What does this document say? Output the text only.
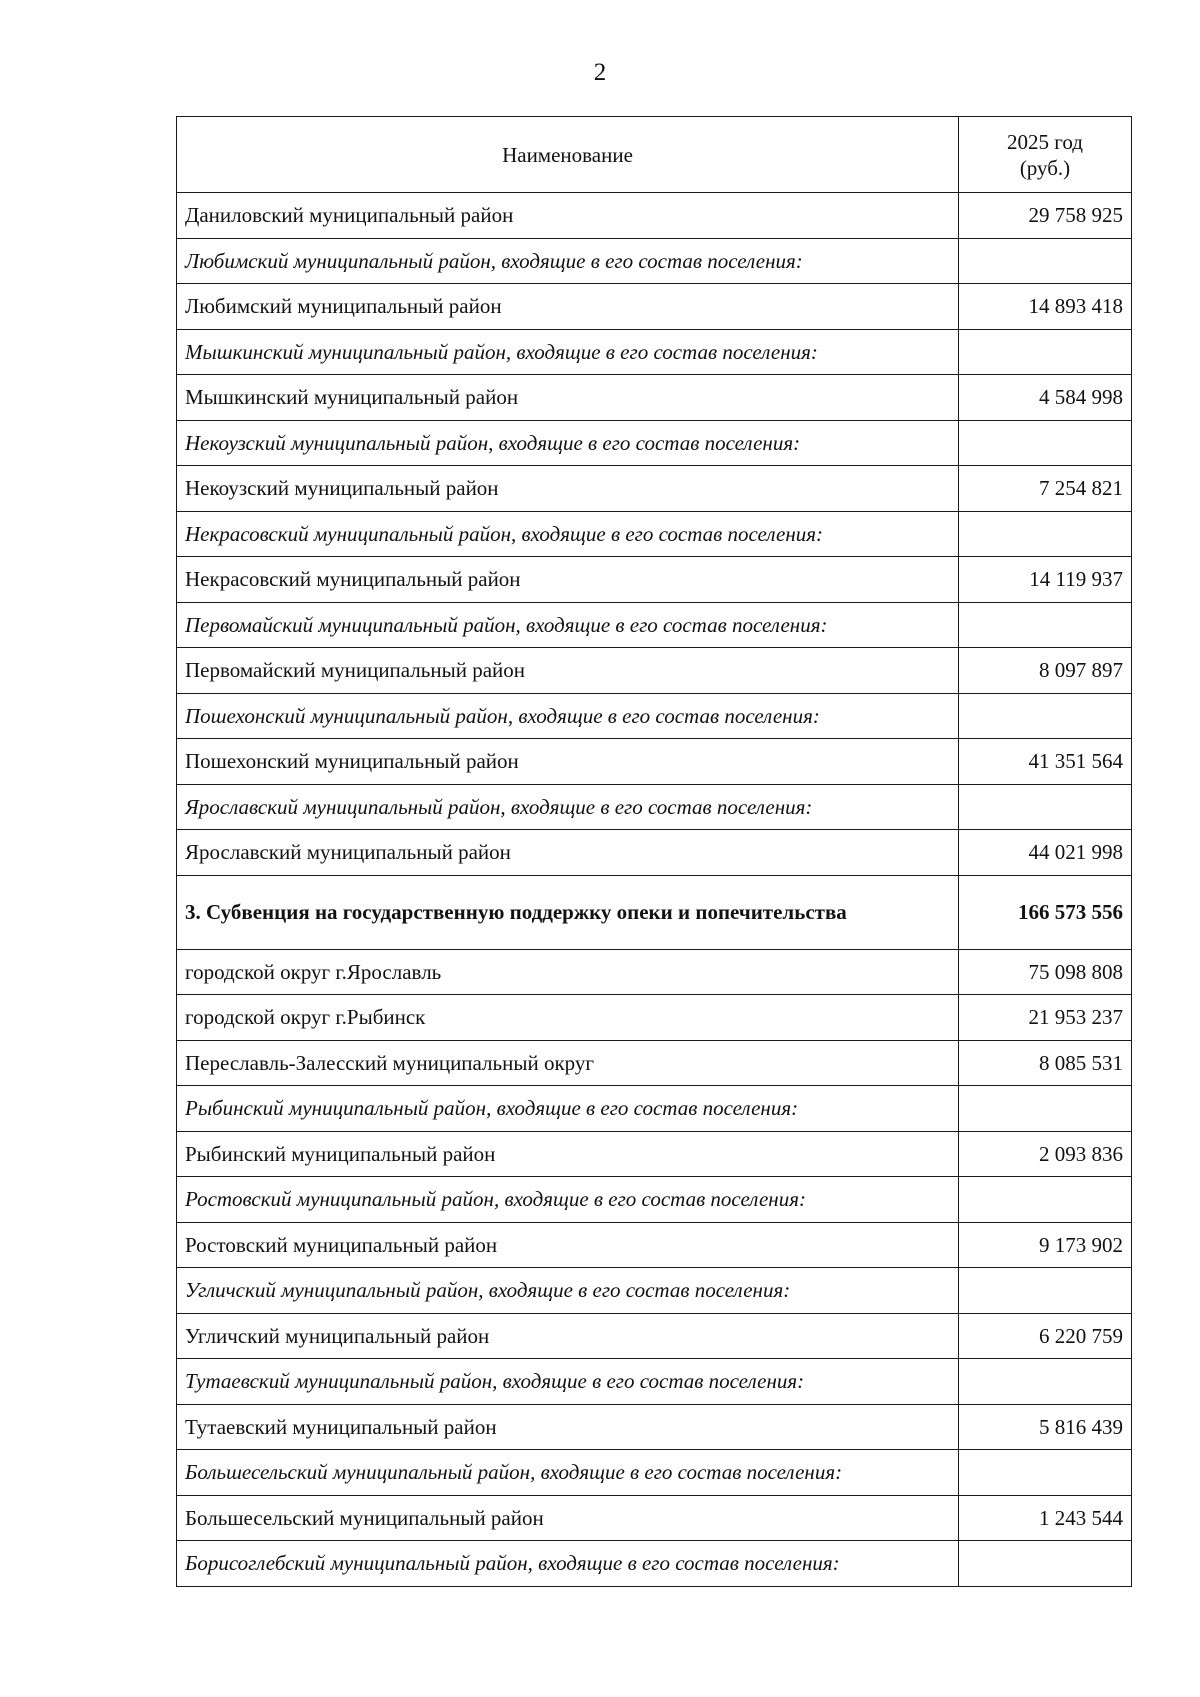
2
Наименование	2025 год
(руб.)

Даниловский муниципальный район	29 758 925
Любимский муниципальный район, входящие в его состав поселения:	
Любимский муниципальный район	14 893 418
Мышкинский муниципальный район, входящие в его состав поселения:	
Мышкинский муниципальный район	4 584 998
Некоузский муниципальный район, входящие в его состав поселения:	
Некоузский муниципальный район	7 254 821
Некрасовский муниципальный район, входящие в его состав поселения:	
Некрасовский муниципальный район	14 119 937
Первомайский муниципальный район, входящие в его состав поселения:	
Первомайский муниципальный район	8 097 897
Пошехонский муниципальный район, входящие в его состав поселения:	
Пошехонский муниципальный район	41 351 564
Ярославский муниципальный район, входящие в его состав поселения:	
Ярославский муниципальный район	44 021 998
3. Субвенция на государственную поддержку опеки и попечительства	166 573 556
городской округ г.Ярославль	75 098 808
городской округ г.Рыбинск	21 953 237
Переславль-Залесский муниципальный округ	8 085 531
Рыбинский муниципальный район, входящие в его состав поселения:	
Рыбинский муниципальный район	2 093 836
Ростовский муниципальный район, входящие в его состав поселения:	
Ростовский муниципальный район	9 173 902
Угличский муниципальный район, входящие в его состав поселения:	
Угличский муниципальный район	6 220 759
Тутаевский муниципальный район, входящие в его состав поселения:	
Тутаевский муниципальный район	5 816 439
Большесельский муниципальный район, входящие в его состав поселения:	
Большесельский муниципальный район	1 243 544
Борисоглебский муниципальный район, входящие в его состав поселения:	
